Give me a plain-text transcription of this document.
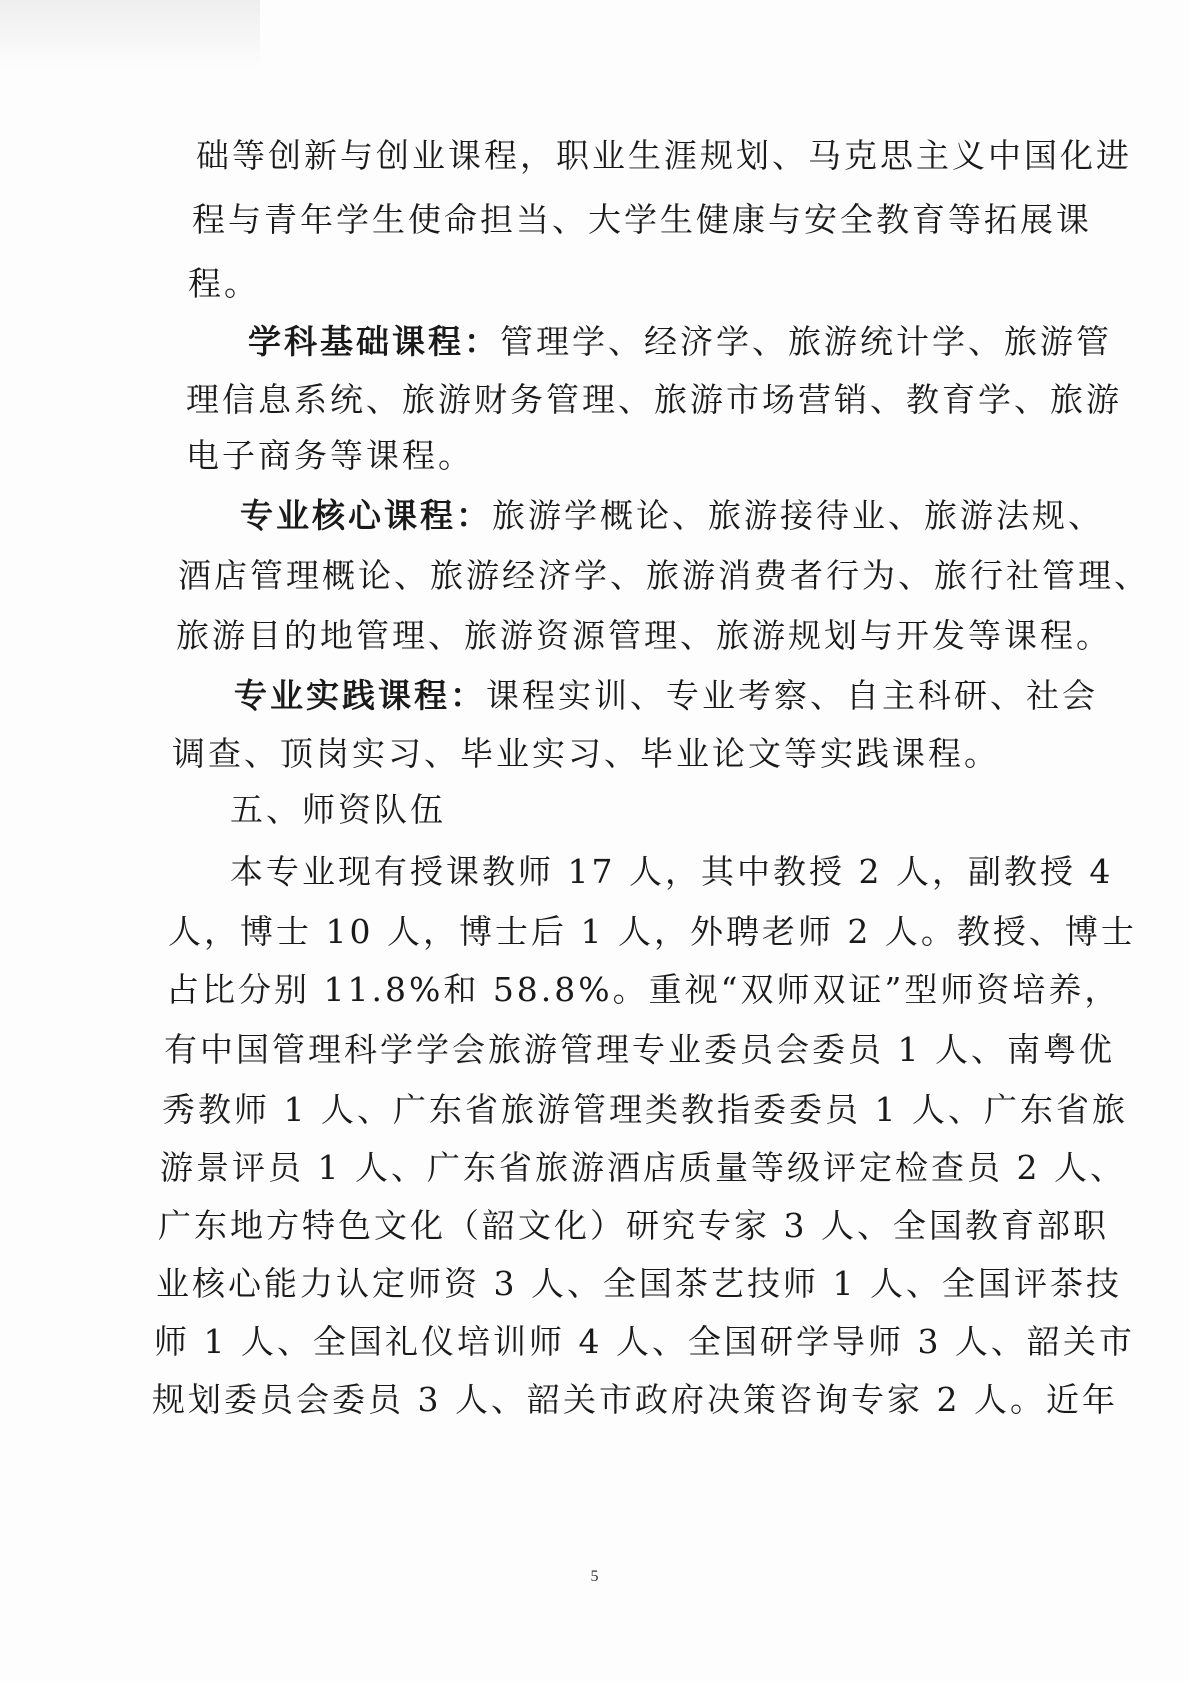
础等创新与创业课程，职业生涯规划、马克思主义中国化进
程与青年学生使命担当、大学生健康与安全教育等拓展课
程。
学科基础课程：管理学、经济学、旅游统计学、旅游管
理信息系统、旅游财务管理、旅游市场营销、教育学、旅游
电子商务等课程。
专业核心课程：旅游学概论、旅游接待业、旅游法规、
酒店管理概论、旅游经济学、旅游消费者行为、旅行社管理、
旅游目的地管理、旅游资源管理、旅游规划与开发等课程。
专业实践课程：课程实训、专业考察、自主科研、社会
调查、顶岗实习、毕业实习、毕业论文等实践课程。
五、师资队伍
本专业现有授课教师 17 人，其中教授 2 人，副教授 4
人，博士 10 人，博士后 1 人，外聘老师 2 人。教授、博士
占比分别 11.8%和 58.8%。重视“双师双证”型师资培养，
有中国管理科学学会旅游管理专业委员会委员 1 人、南粤优
秀教师 1 人、广东省旅游管理类教指委委员 1 人、广东省旅
游景评员 1 人、广东省旅游酒店质量等级评定检查员 2 人、
广东地方特色文化（韶文化）研究专家 3 人、全国教育部职
业核心能力认定师资 3 人、全国茶艺技师 1 人、全国评茶技
师 1 人、全国礼仪培训师 4 人、全国研学导师 3 人、韶关市
规划委员会委员 3 人、韶关市政府决策咨询专家 2 人。近年
5
